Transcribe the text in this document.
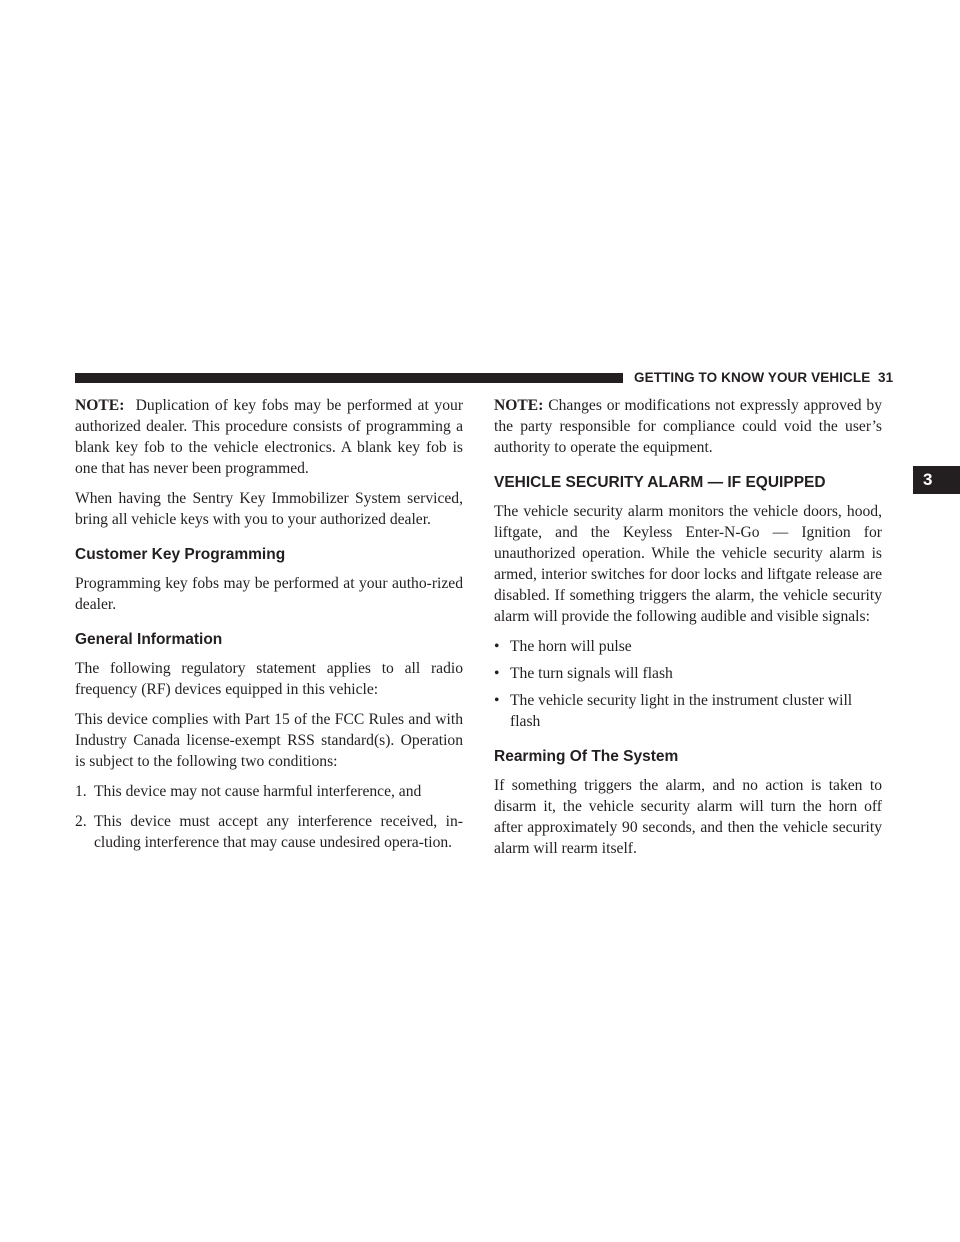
GETTING TO KNOW YOUR VEHICLE 31
3

NOTE: Duplication of key fobs may be performed at your authorized dealer. This procedure consists of programming a blank key fob to the vehicle electronics. A blank key fob is one that has never been programmed.

When having the Sentry Key Immobilizer System serviced, bring all vehicle keys with you to your authorized dealer.

Customer Key Programming

Programming key fobs may be performed at your autho-rized dealer.

General Information

The following regulatory statement applies to all radio frequency (RF) devices equipped in this vehicle:

This device complies with Part 15 of the FCC Rules and with Industry Canada license-exempt RSS standard(s). Operation is subject to the following two conditions:

1. This device may not cause harmful interference, and
2. This device must accept any interference received, in-cluding interference that may cause undesired opera-tion.

NOTE: Changes or modifications not expressly approved by the party responsible for compliance could void the user’s authority to operate the equipment.

VEHICLE SECURITY ALARM — IF EQUIPPED

The vehicle security alarm monitors the vehicle doors, hood, liftgate, and the Keyless Enter-N-Go — Ignition for unauthorized operation. While the vehicle security alarm is armed, interior switches for door locks and liftgate release are disabled. If something triggers the alarm, the vehicle security alarm will provide the following audible and visible signals:

• The horn will pulse
• The turn signals will flash
• The vehicle security light in the instrument cluster will flash
Rearming Of The System

If something triggers the alarm, and no action is taken to disarm it, the vehicle security alarm will turn the horn off after approximately 90 seconds, and then the vehicle security alarm will rearm itself.
